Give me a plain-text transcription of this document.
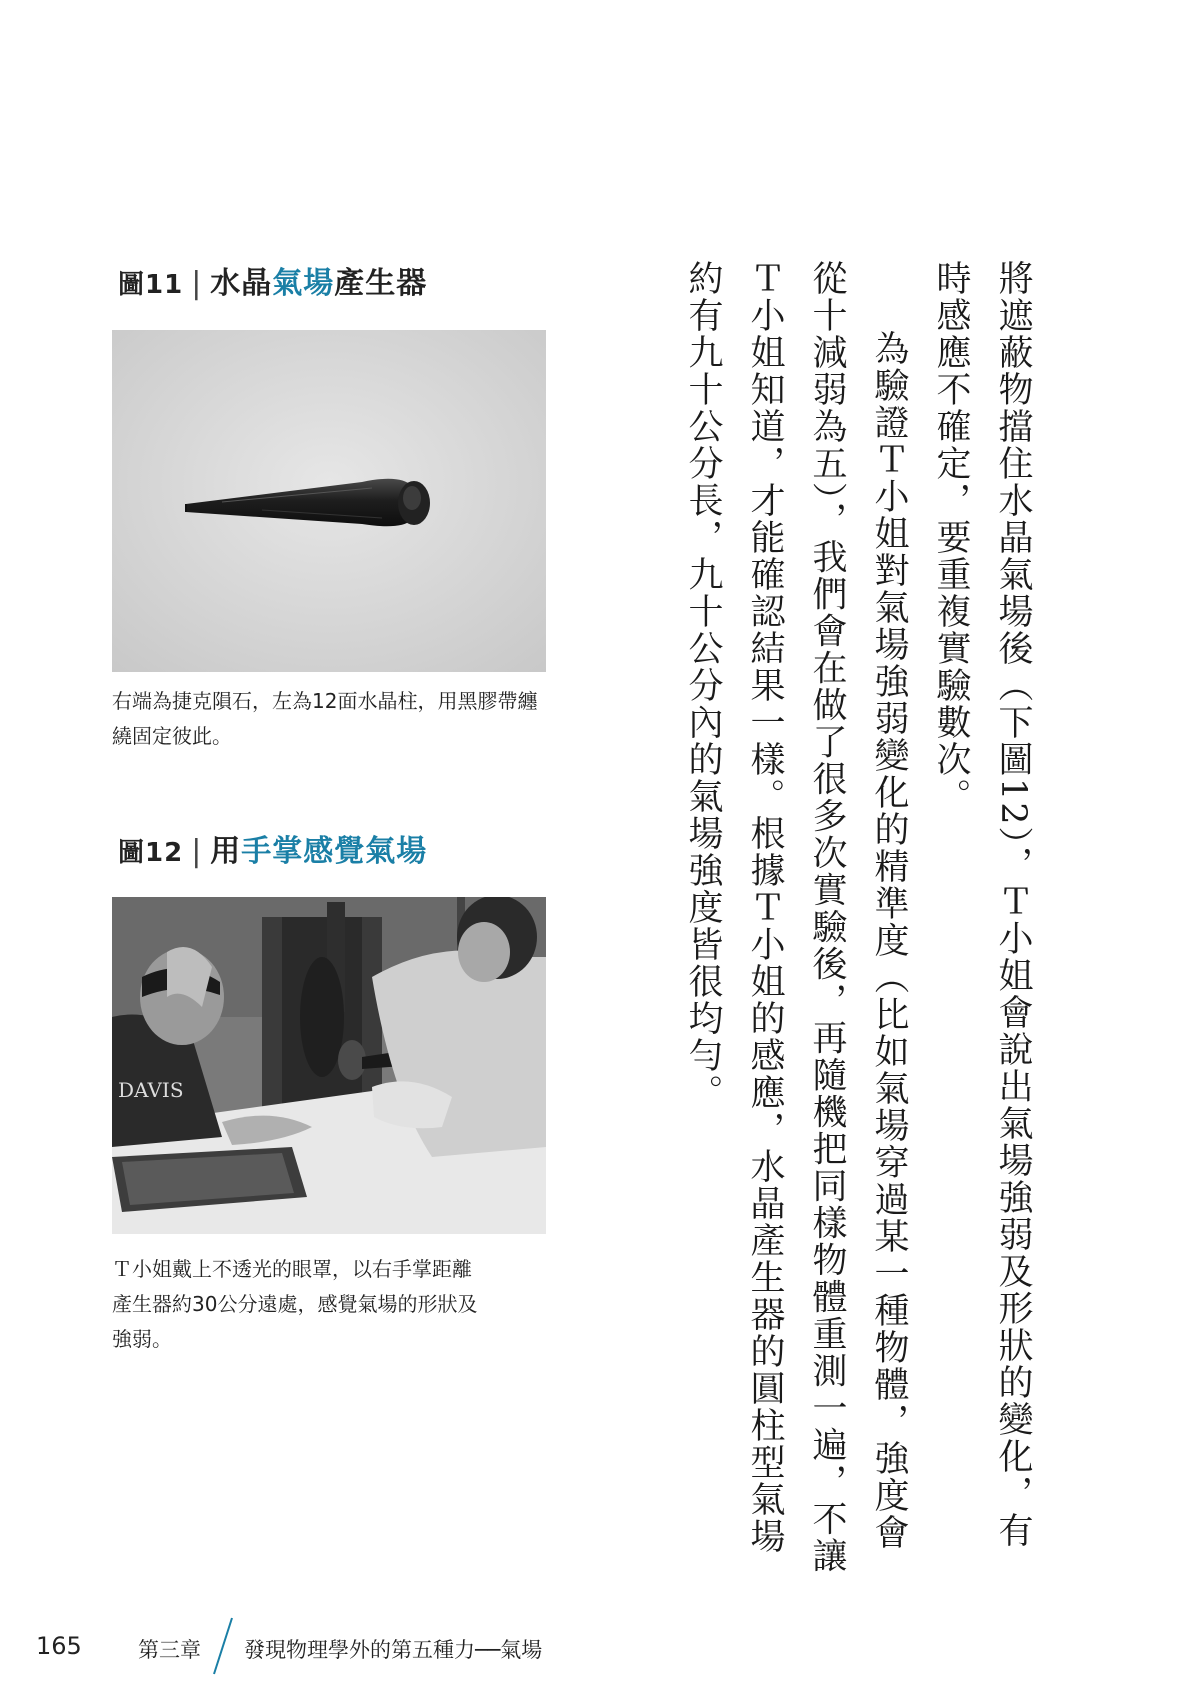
圖11 | 水晶氣場產生器

右端為捷克隕石，左為12面水晶柱，用黑膠帶纏繞固定彼此。

圖12 | 用手掌感覺氣場
DAVIS
Ｔ小姐戴上不透光的眼罩，以右手掌距離
產生器約30公分遠處，感覺氣場的形狀及
強弱。	將遮蔽物擋住水晶氣場後（下圖12），Ｔ小姐會說出氣場強弱及形狀的變化，有時感應不確定，要重複實驗數次。

為驗證Ｔ小姐對氣場強弱變化的精準度（比如氣場穿過某一種物體，強度會從十減弱為五），我們會在做了很多次實驗後，再隨機把同樣物體重測一遍，不讓Ｔ小姐知道，才能確認結果一樣。根據Ｔ小姐的感應，水晶產生器的圓柱型氣場約有九十公分長，九十公分內的氣場強度皆很均勻。

165	第三章 發現物理學外的第五種力──氣場
